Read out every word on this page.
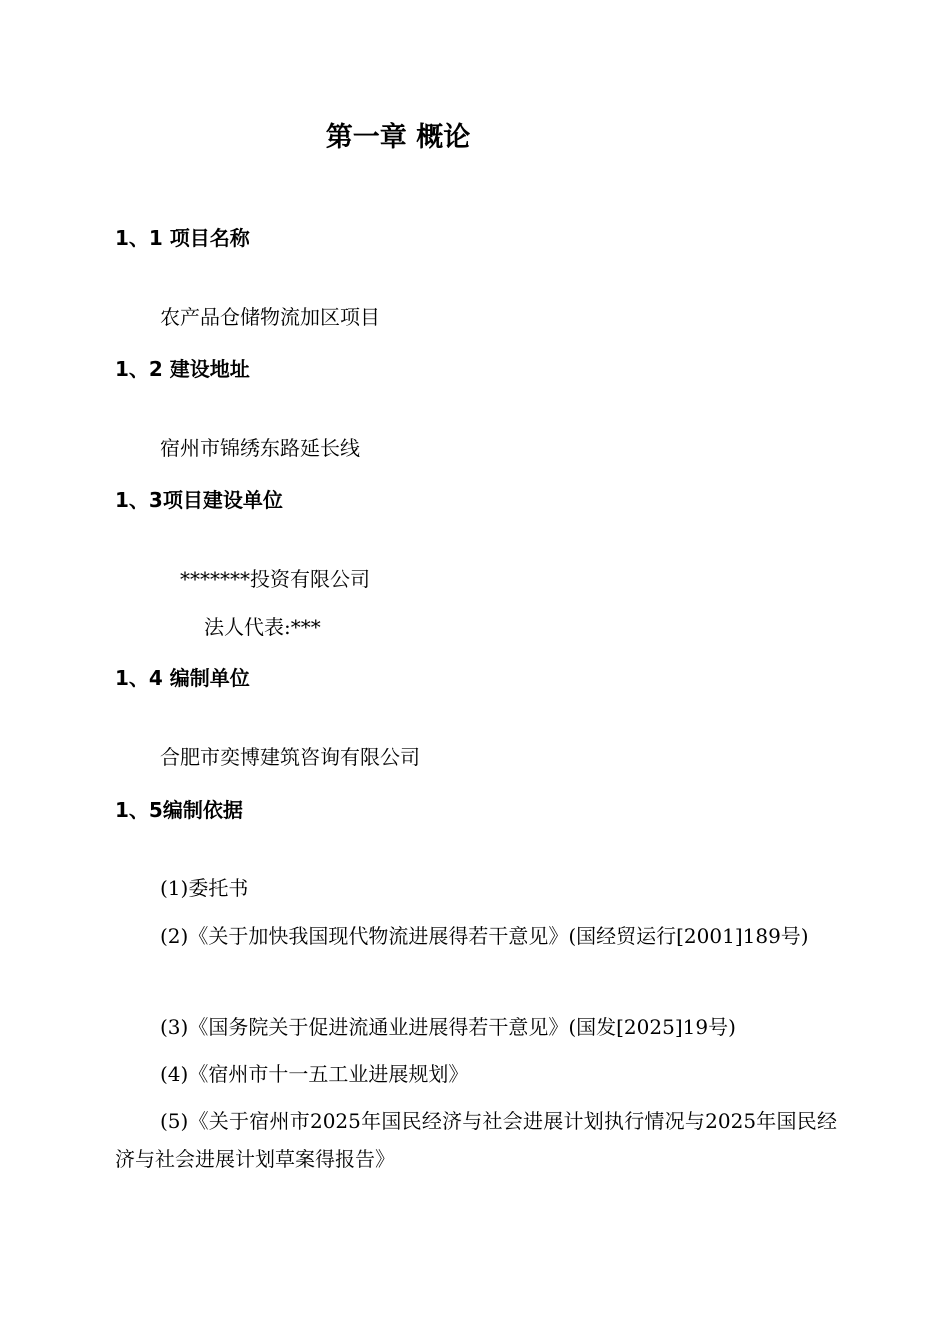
第一章 概论
1、1 项目名称
农产品仓储物流加区项目
1、2 建设地址
宿州市锦绣东路延长线
1、3项目建设单位
*******投资有限公司
法人代表:***
1、4 编制单位
合肥市奕博建筑咨询有限公司
1、5编制依据
(1)委托书
(2)《关于加快我国现代物流进展得若干意见》(国经贸运行[2001]189号)
(3)《国务院关于促进流通业进展得若干意见》(国发[2025]19号)
(4)《宿州市十一五工业进展规划》
(5)《关于宿州市2025年国民经济与社会进展计划执行情况与2025年国民经济与社会进展计划草案得报告》
